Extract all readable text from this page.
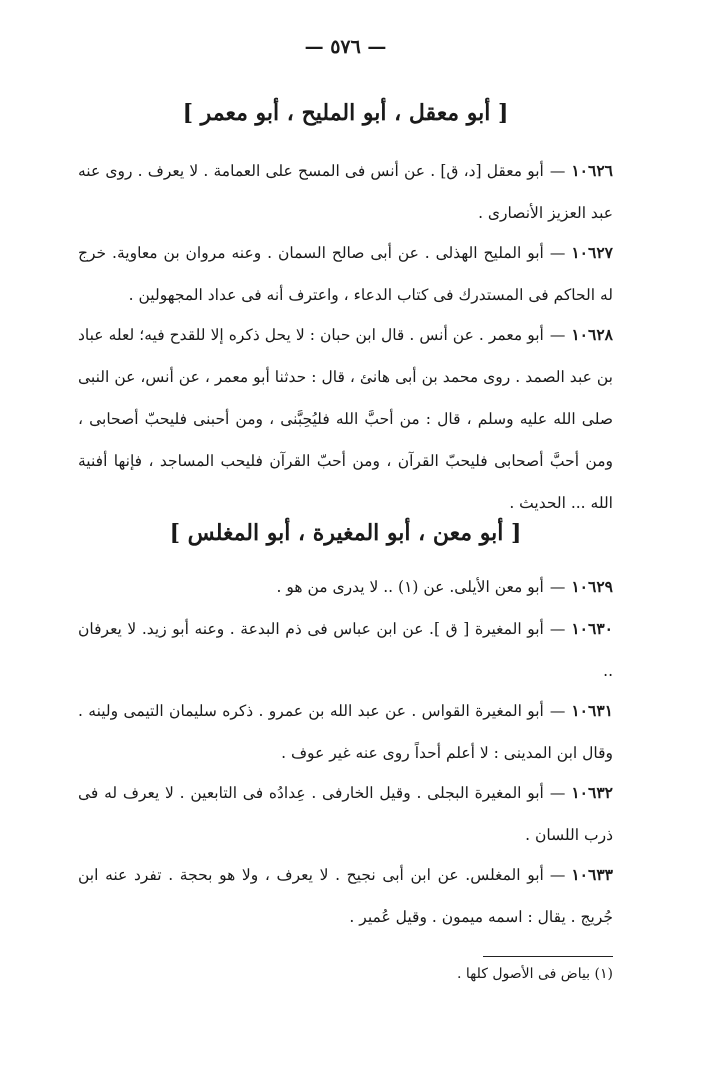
— ٥٧٦ —
[ أبو معقل ، أبو المليح ، أبو معمر ]
١٠٦٢٦—أبو معقل [د، ق] . عن أنس فى المسح على العمامة . لا يعرف . روى عنه عبد العزيز الأنصارى .
١٠٦٢٧—أبو المليح الهذلى . عن أبى صالح السمان . وعنه مروان بن معاوية. خرج له الحاكم فى المستدرك فى كتاب الدعاء ، واعترف أنه فى عداد المجهولين .
١٠٦٢٨—أبو معمر . عن أنس . قال ابن حبان : لا يحل ذكره إلا للقدح فيه؛ لعله عباد بن عبد الصمد . روى محمد بن أبى هانئ ، قال : حدثنا أبو معمر ، عن أنس، عن النبى صلى الله عليه وسلم ، قال : من أحبَّ الله فليُحِبَّنى ، ومن أحبنى فليحبّ أصحابى ، ومن أحبَّ أصحابى فليحبّ القرآن ، ومن أحبّ القرآن فليحب المساجد ، فإنها أفنية الله ... الحديث .
[ أبو معن ، أبو المغيرة ، أبو المغلس ]
١٠٦٢٩—أبو معن الأيلى. عن (١) .. لا يدرى من هو .
١٠٦٣٠—أبو المغيرة [ ق ]. عن ابن عباس فى ذم البدعة . وعنه أبو زيد. لا يعرفان ..
١٠٦٣١—أبو المغيرة القواس . عن عبد الله بن عمرو . ذكره سليمان التيمى ولينه . وقال ابن المدينى : لا أعلم أحداً روى عنه غير عوف .
١٠٦٣٢—أبو المغيرة البجلى . وقيل الخارفى . عِدادُه فى التابعين . لا يعرف له فى ذرب اللسان .
١٠٦٣٣—أبو المغلس. عن ابن أبى نجيح . لا يعرف ، ولا هو بحجة . تفرد عنه ابن جُريج . يقال : اسمه ميمون . وقيل عُمير .
(١) بياض فى الأصول كلها .
